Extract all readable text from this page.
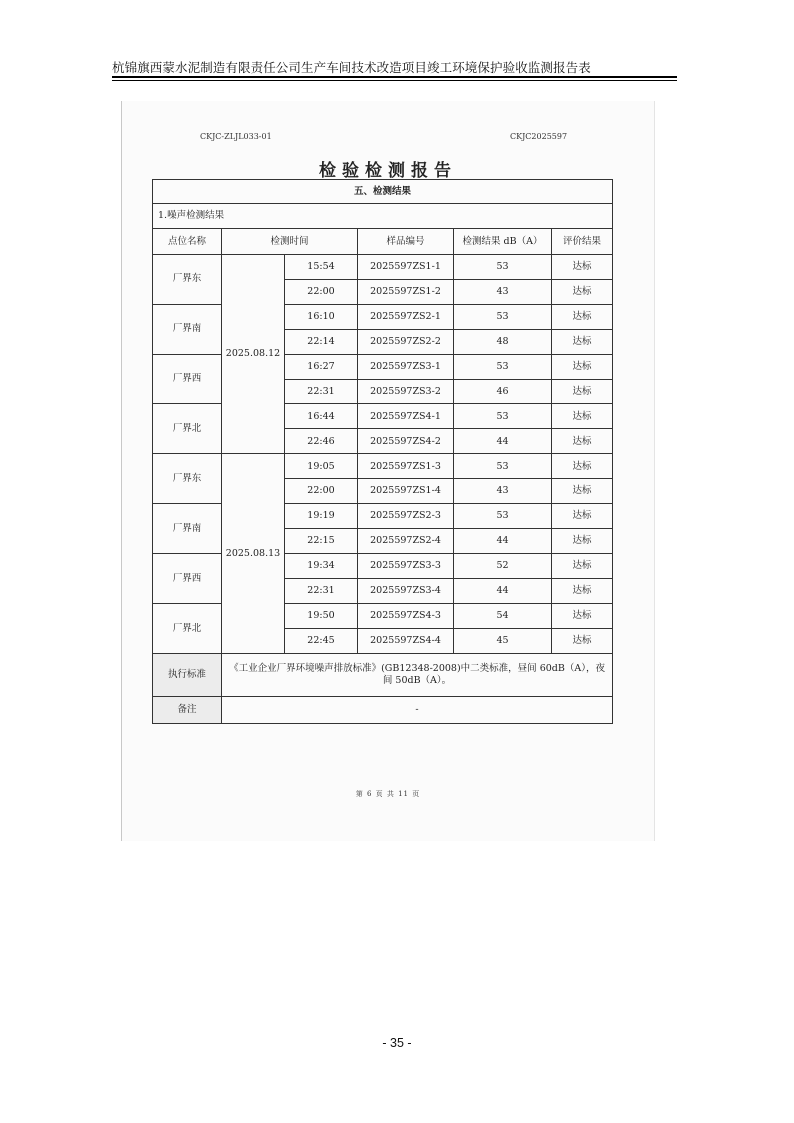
杭锦旗西蒙水泥制造有限责任公司生产车间技术改造项目竣工环境保护验收监测报告表
CKJC-ZLJL033-01	CKJC2025597
检验检测报告
五、检测结果					
1.噪声检测结果					
点位名称	检测时间		样品编号	检测结果 dB（A）	评价结果
厂界东	2025.08.12	15:54	2025597ZS1-1	53	达标
		22:00	2025597ZS1-2	43	达标
厂界南		16:10	2025597ZS2-1	53	达标
		22:14	2025597ZS2-2	48	达标
厂界西		16:27	2025597ZS3-1	53	达标
		22:31	2025597ZS3-2	46	达标
厂界北		16:44	2025597ZS4-1	53	达标
		22:46	2025597ZS4-2	44	达标
厂界东	2025.08.13	19:05	2025597ZS1-3	53	达标
		22:00	2025597ZS1-4	43	达标
厂界南		19:19	2025597ZS2-3	53	达标
		22:15	2025597ZS2-4	44	达标
厂界西		19:34	2025597ZS3-3	52	达标
		22:31	2025597ZS3-4	44	达标
厂界北		19:50	2025597ZS4-3	54	达标
		22:45	2025597ZS4-4	45	达标
执行标准	《工业企业厂界环境噪声排放标准》(GB12348-2008)中二类标准，昼间 60dB（A），夜间 50dB（A）。				
备注	-				
第 6 页 共 11 页
- 35 -
